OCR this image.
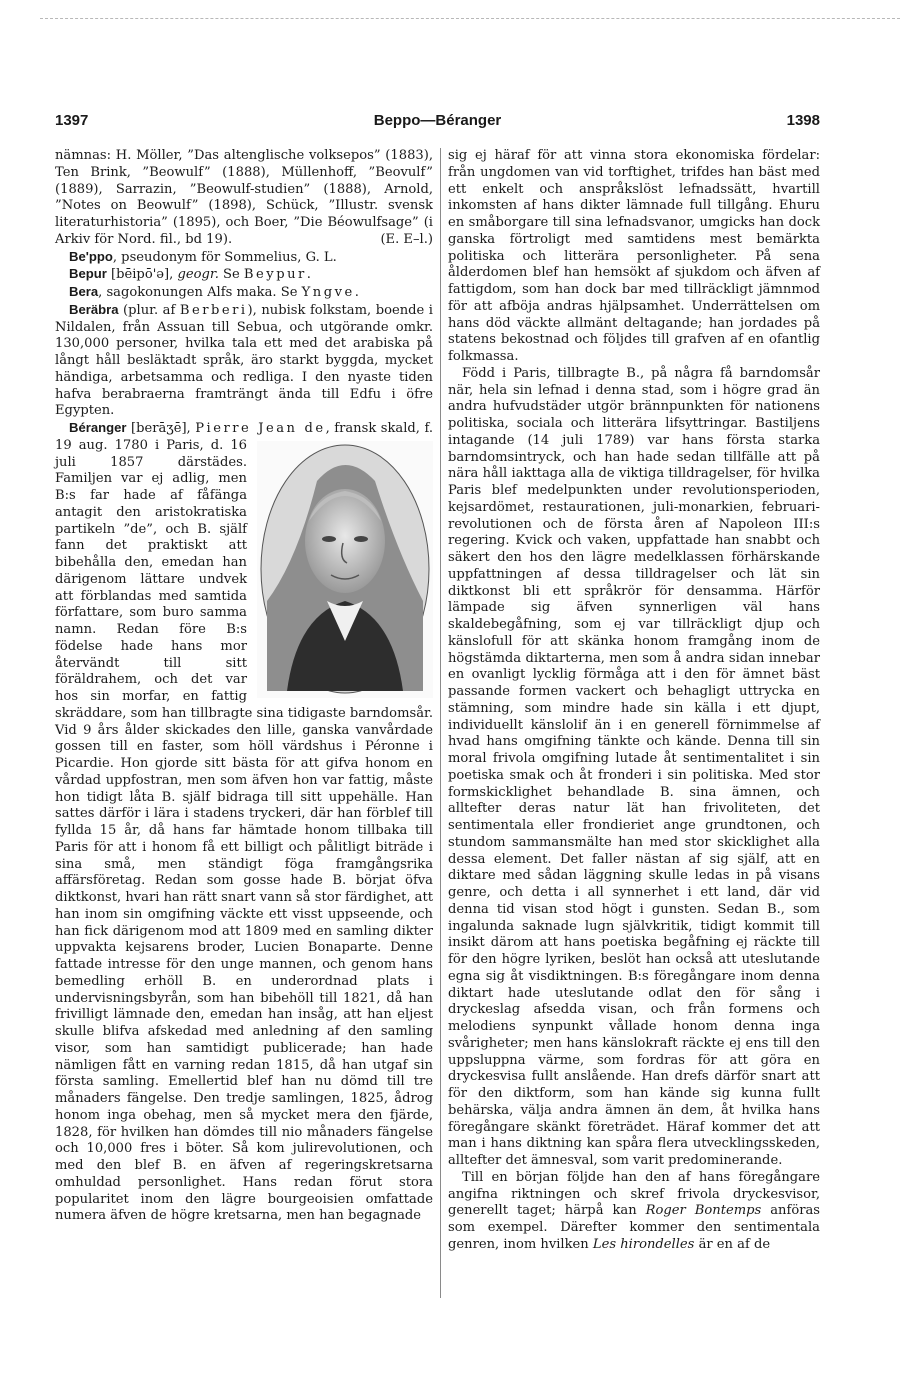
1397	Beppo—Béranger	1398

nämnas: H. Möller, ”Das altenglische volksepos” (1883), Ten Brink, ”Beowulf” (1888), Müllenhoff, ”Beovulf” (1889), Sarrazin, ”Beowulf-studien” (1888), Arnold, ”Notes on Beowulf” (1898), Schück, ”Illustr. svensk literaturhistoria” (1895), och Boer, ”Die Béowulfsage” (i Arkiv för Nord. fil., bd 19).	(E. E–l.)

Be'ppo, pseudonym för Sommelius, G. L.

Bepur [bēipō'ə], geogr. Se Beypur.

Bera, sagokonungen Alfs maka. Se Yngve.

Beräbra (plur. af Berberi), nubisk folkstam, boende i Nildalen, från Assuan till Sebua, och utgörande omkr. 130,000 personer, hvilka tala ett med det arabiska på långt håll besläktadt språk, äro starkt byggda, mycket händiga, arbetsamma och redliga. I den nyaste tiden hafva berabraerna framträngt ända till Edfu i öfre Egypten.

Béranger [berāʒē], Pierre Jean de
, fransk skald, f. 19 aug. 1780 i Paris, d. 16 juli 1857 därstädes. Familjen var ej adlig, men B:s far hade af fåfänga antagit den aristokratiska partikeln ”de”, och B. själf fann det praktiskt att bibehålla den, emedan han därigenom lättare undvek att förblandas med samtida författare, som buro samma namn. Redan före B:s födelse hade hans mor återvändt till sitt föräldrahem, och det var hos sin morfar, en fattig skräddare, som han tillbragte sina tidigaste barndomsår. Vid 9 års ålder skickades den lille, ganska vanvårdade gossen till en faster, som höll värdshus i Péronne i Picardie. Hon gjorde sitt bästa för att gifva honom en vårdad uppfostran, men som äfven hon var fattig, måste hon tidigt låta B. själf bidraga till sitt uppehälle. Han sattes därför i lära i stadens tryckeri, där han förblef till fyllda 15 år, då hans far hämtade honom tillbaka till Paris för att i honom få ett billigt och pålitligt biträde i sina små, men ständigt föga framgångsrika affärsföretag. Redan som gosse hade B. börjat öfva diktkonst, hvari han rätt snart vann så stor färdighet, att han inom sin omgifning väckte ett visst uppseende, och han fick därigenom mod att 1809 med en samling dikter uppvakta kejsarens broder, Lucien Bonaparte. Denne fattade intresse för den unge mannen, och genom hans bemedling erhöll B. en underordnad plats i undervisningsbyrån, som han bibehöll till 1821, då han frivilligt lämnade den, emedan han insåg, att han eljest skulle blifva afskedad med anledning af den samling visor, som han samtidigt publicerade; han hade nämligen fått en varning redan 1815, då han utgaf sin första samling. Emellertid blef han nu dömd till tre månaders fängelse. Den tredje samlingen, 1825, ådrog honom inga obehag, men så mycket mera den fjärde, 1828, för hvilken han dömdes till nio månaders fängelse och 10,000 fres i böter. Så kom julirevolutionen, och med den blef B. en äfven af regeringskretsarna omhuldad personlighet. Hans redan förut stora popularitet inom den lägre bourgeoisien omfattade numera äfven de högre kretsarna, men han begagnade

sig ej häraf för att vinna stora ekonomiska fördelar: från ungdomen van vid torftighet, trifdes han bäst med ett enkelt och anspråkslöst lefnadssätt, hvartill inkomsten af hans dikter lämnade full tillgång. Ehuru en småborgare till sina lefnadsvanor, umgicks han dock ganska förtroligt med samtidens mest bemärkta politiska och litterära personligheter. På sena ålderdomen blef han hemsökt af sjukdom och äfven af fattigdom, som han dock bar med tillräckligt jämnmod för att afböja andras hjälpsamhet. Underrättelsen om hans död väckte allmänt deltagande; han jordades på statens bekostnad och följdes till grafven af en ofantlig folkmassa.

Född i Paris, tillbragte B., på några få barndomsår när, hela sin lefnad i denna stad, som i högre grad än andra hufvudstäder utgör brännpunkten för nationens politiska, sociala och litterära lifsyttringar. Bastiljens intagande (14 juli 1789) var hans första starka barndomsintryck, och han hade sedan tillfälle att på nära håll iakttaga alla de viktiga tilldragelser, för hvilka Paris blef medelpunkten under revolutionsperioden, kejsardömet, restaurationen, juli-monarkien, februari-revolutionen och de första åren af Napoleon III:s regering. Kvick och vaken, uppfattade han snabbt och säkert den hos den lägre medelklassen förhärskande uppfattningen af dessa tilldragelser och lät sin diktkonst bli ett språkrör för densamma. Härför lämpade sig äfven synnerligen väl hans skaldebegåfning, som ej var tillräckligt djup och känslofull för att skänka honom framgång inom de högstämda diktarterna, men som å andra sidan innebar en ovanligt lycklig förmåga att i den för ämnet bäst passande formen vackert och behagligt uttrycka en stämning, som mindre hade sin källa i ett djupt, individuellt känslolif än i en generell förnimmelse af hvad hans omgifning tänkte och kände. Denna till sin moral frivola omgifning lutade åt sentimentalitet i sin poetiska smak och åt fronderi i sin politiska. Med stor formskicklighet behandlade B. sina ämnen, och alltefter deras natur lät han frivoliteten, det sentimentala eller frondieriet ange grundtonen, och stundom sammansmälte han med stor skicklighet alla dessa element. Det faller nästan af sig själf, att en diktare med sådan läggning skulle ledas in på visans genre, och detta i all synnerhet i ett land, där vid denna tid visan stod högt i gunsten. Sedan B., som ingalunda saknade lugn självkritik, tidigt kommit till insikt därom att hans poetiska begåfning ej räckte till för den högre lyriken, beslöt han också att uteslutande egna sig åt visdiktningen. B:s föregångare inom denna diktart hade uteslutande odlat den för sång i dryckeslag afsedda visan, och från formens och melodiens synpunkt vållade honom denna inga svårigheter; men hans känslokraft räckte ej ens till den uppsluppna värme, som fordras för att göra en dryckesvisa fullt anslående. Han drefs därför snart att för den diktform, som han kände sig kunna fullt behärska, välja andra ämnen än dem, åt hvilka hans föregångare skänkt företrädet. Häraf kommer det att man i hans diktning kan spåra flera utvecklingsskeden, alltefter det ämnesval, som varit predominerande.

Till en början följde han den af hans föregångare angifna riktningen och skref frivola dryckesvisor, generellt taget; härpå kan Roger Bontemps anföras som exempel. Därefter kommer den sentimentala genren, inom hvilken Les hirondelles är en af de
